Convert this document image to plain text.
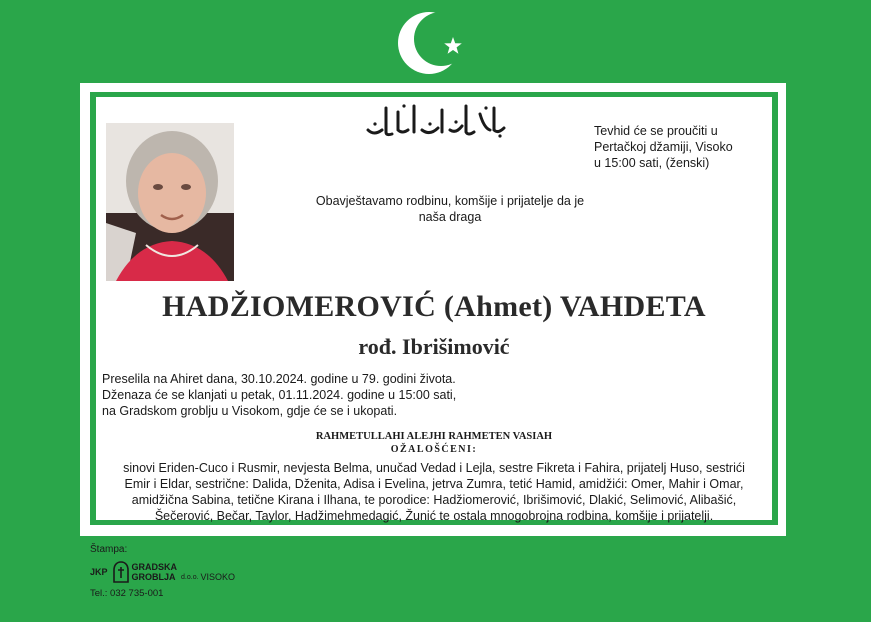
Tevhid će se proučiti u
Pertačkoj džamiji, Visoko
u 15:00 sati, (ženski)
Obavještavamo rodbinu, komšije i prijatelje da je
naša draga
HADŽIOMEROVIĆ (Ahmet) VAHDETA
rođ. Ibrišimović
Preselila na Ahiret dana, 30.10.2024. godine u 79. godini života.
Dženaza će se klanjati u petak, 01.11.2024. godine u 15:00 sati,
na Gradskom groblju u Visokom, gdje će se i ukopati.
RAHMETULLAHI ALEJHI RAHMETEN VASIAH
OŽALOŠĆENI:
sinovi Eriden-Cuco i Rusmir, nevjesta Belma, unučad Vedad i Lejla, sestre Fikreta i Fahira, prijatelj Huso, sestrići
Emir i Eldar, sestrične: Dalida, Dženita, Adisa i Evelina, jetrva Zumra, tetić Hamid, amidžići: Omer, Mahir i Omar,
amidžična Sabina, tetične Kirana i Ilhana, te porodice: Hadžiomerović, Ibrišimović, Dlakić, Selimović, Alibašić,
Šečerović, Bečar, Taylor, Hadžimehmedagić, Žunić te ostala mnogobrojna rodbina, komšije i prijatelji.
Štampa:
JKP	GRADSKA
GROBLJA d.o.o. VISOKO
Tel.: 032 735-001
